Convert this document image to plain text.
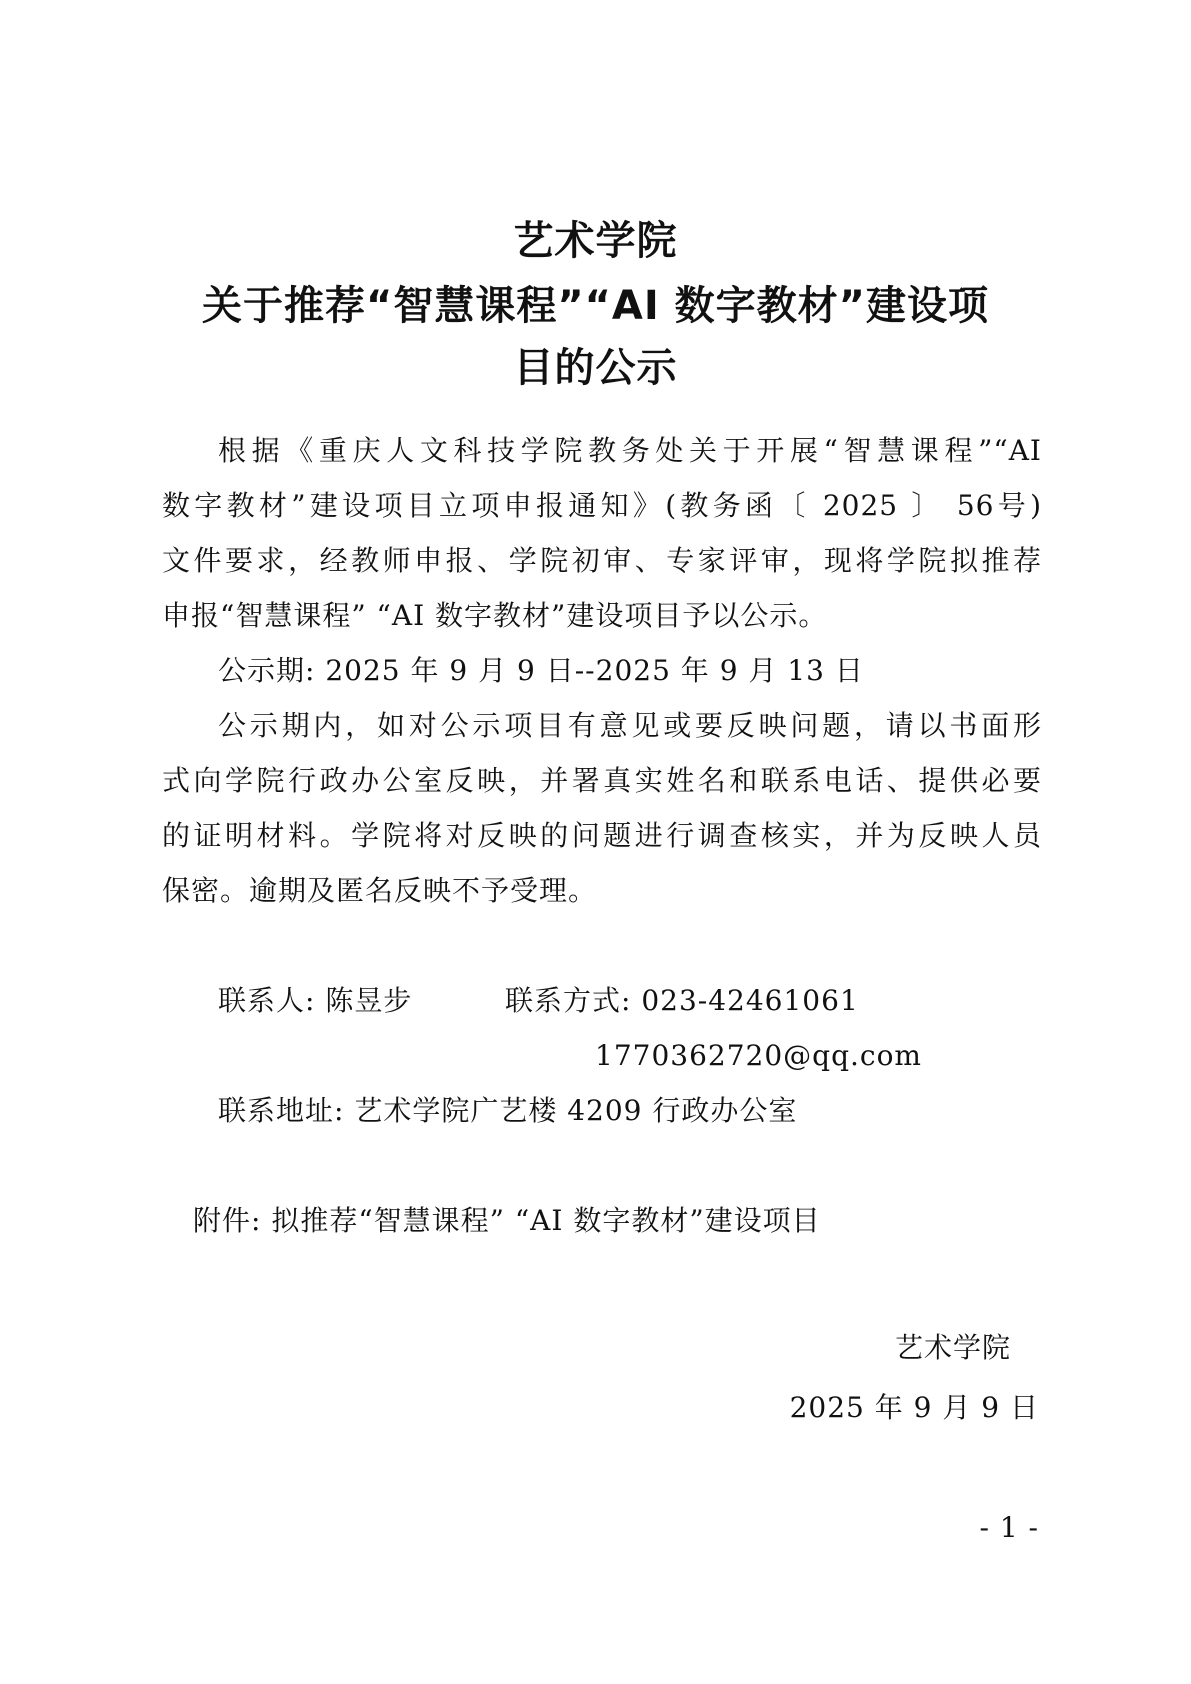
艺术学院
关于推荐“智慧课程”“AI 数字教材”建设项
目的公示
根据《重庆人文科技学院教务处关于开展“智慧课程”“AI
数字教材”建设项目立项申报通知》(教务函〔 2025 〕 56号)
文件要求，经教师申报、学院初审、专家评审，现将学院拟推荐
申报“智慧课程” “AI 数字教材”建设项目予以公示。
公示期: 2025 年 9 月 9 日--2025 年 9 月 13 日
公示期内，如对公示项目有意见或要反映问题，请以书面形
式向学院行政办公室反映，并署真实姓名和联系电话、提供必要
的证明材料。学院将对反映的问题进行调查核实，并为反映人员
保密。逾期及匿名反映不予受理。
联系人: 陈昱步	联系方式: 023-42461061
1770362720@qq.com
联系地址: 艺术学院广艺楼 4209 行政办公室
附件: 拟推荐“智慧课程” “AI 数字教材”建设项目
艺术学院
2025 年 9 月 9 日
- 1 -
